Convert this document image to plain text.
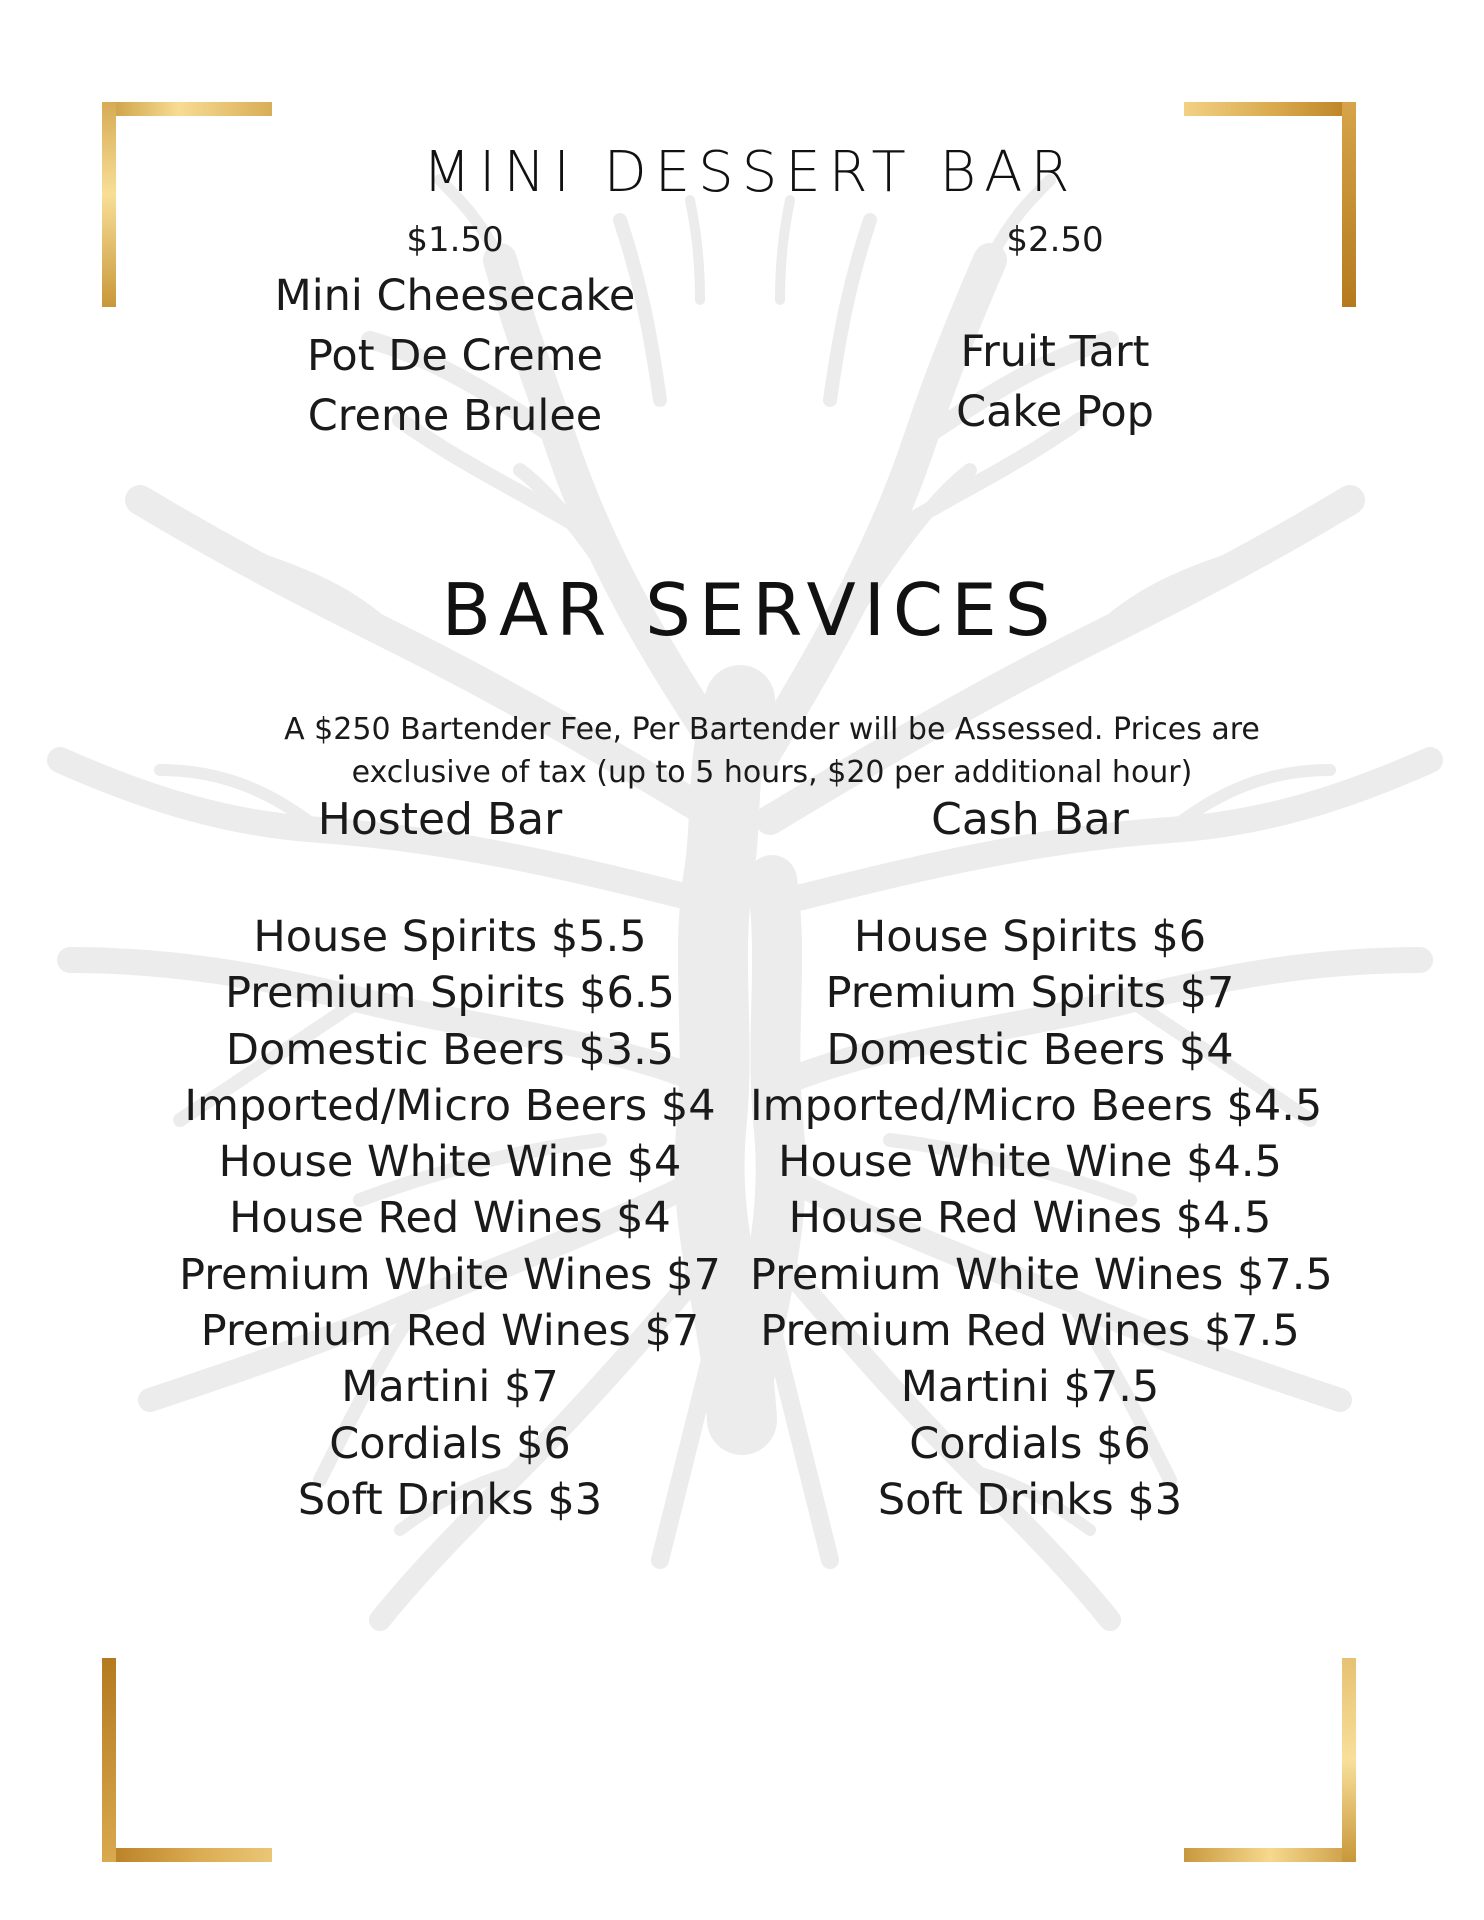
MINI DESSERT BAR
$1.50
Mini Cheesecake
Pot De Creme
Creme Brulee
$2.50
Fruit Tart
Cake Pop
BAR SERVICES
A $250 Bartender Fee, Per Bartender will be Assessed. Prices are
exclusive of tax (up to 5 hours, $20 per additional hour)
Hosted Bar
House Spirits $5.5
Premium Spirits $6.5
Domestic Beers $3.5
Imported/Micro Beers $4
House White Wine $4
House Red Wines $4
Premium White Wines $7
Premium Red Wines $7
Martini $7
Cordials $6
Soft Drinks $3
Cash Bar
House Spirits $6
Premium Spirits $7
Domestic Beers $4
Imported/Micro Beers $4.5
House White Wine $4.5
House Red Wines $4.5
Premium White Wines $7.5
Premium Red Wines $7.5
Martini $7.5
Cordials $6
Soft Drinks $3
